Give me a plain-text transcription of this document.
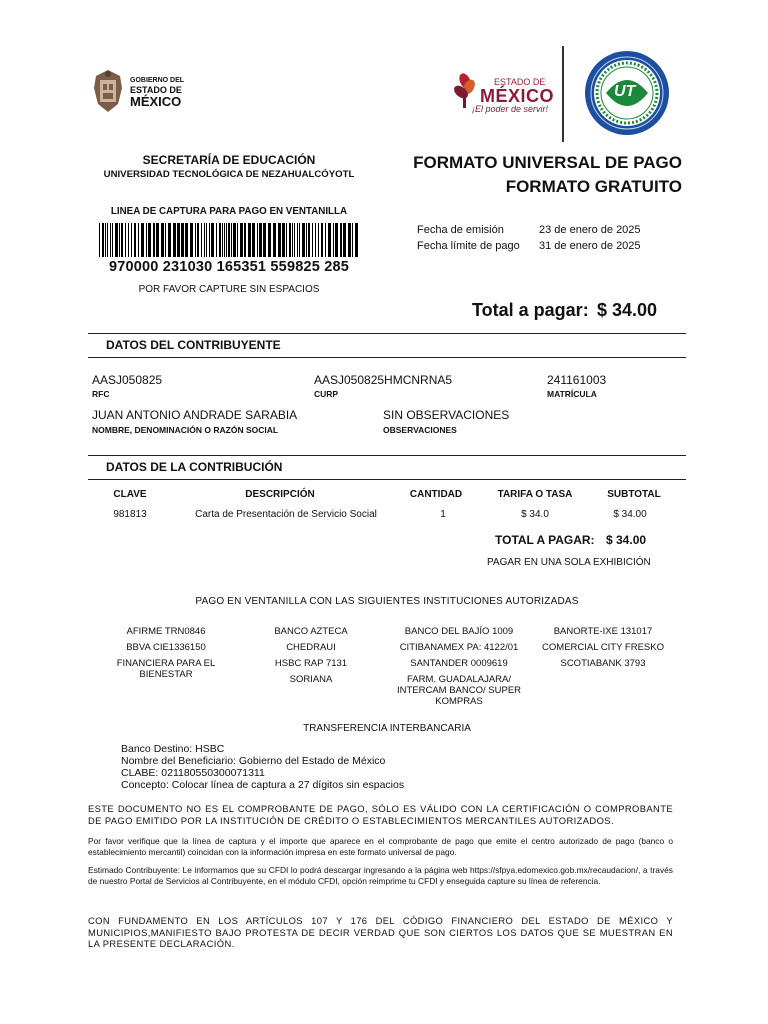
GOBIERNO DEL
ESTADO DE
MÉXICO
ESTADO DE
MÉXICO
¡El poder de servir!
UT
SECRETARÍA DE EDUCACIÓN
UNIVERSIDAD TECNOLÓGICA DE NEZAHUALCÓYOTL
FORMATO UNIVERSAL DE PAGO
FORMATO GRATUITO
LINEA DE CAPTURA PARA PAGO EN VENTANILLA
970000 231030 165351 559825 285
POR FAVOR CAPTURE SIN ESPACIOS
Fecha de emisión	23 de enero de 2025
Fecha límite de pago 31 de enero de 2025
Total a pagar: $ 34.00
DATOS DEL CONTRIBUYENTE
AASJ050825
RFC
AASJ050825HMCNRNA5
CURP
241161003
MATRÍCULA
JUAN ANTONIO ANDRADE SARABIA
NOMBRE, DENOMINACIÓN O RAZÓN SOCIAL
SIN OBSERVACIONES
OBSERVACIONES
DATOS DE LA CONTRIBUCIÓN
CLAVE	DESCRIPCIÓN	CANTIDAD	TARIFA O TASA	SUBTOTAL
981813	Carta de Presentación de Servicio Social	1	$ 34.0	$ 34.00
TOTAL A PAGAR: $ 34.00
PAGAR EN UNA SOLA EXHIBICIÓN
PAGO EN VENTANILLA CON LAS SIGUIENTES INSTITUCIONES AUTORIZADAS
AFIRME TRN0846
BBVA CIE1336150
FINANCIERA PARA EL BIENESTAR
BANCO AZTECA
CHEDRAUI
HSBC RAP 7131
SORIANA
BANCO DEL BAJÍO 1009
CITIBANAMEX PA: 4122/01
SANTANDER 0009619
FARM. GUADALAJARA/ INTERCAM BANCO/ SUPER KOMPRAS
BANORTE-IXE 131017
COMERCIAL CITY FRESKO
SCOTIABANK 3793
TRANSFERENCIA INTERBANCARIA
Banco Destino: HSBC
Nombre del Beneficiario: Gobierno del Estado de México
CLABE: 021180550300071311
Concepto: Colocar línea de captura a 27 dígitos sin espacios
ESTE DOCUMENTO NO ES EL COMPROBANTE DE PAGO, SÓLO ES VÁLIDO CON LA CERTIFICACIÓN O COMPROBANTE DE PAGO EMITIDO POR LA INSTITUCIÓN DE CRÉDITO O ESTABLECIMIENTOS MERCANTILES AUTORIZADOS.
Por favor verifique que la línea de captura y el importe que aparece en el comprobante de pago que emite el centro autorizado de pago (banco o establecimiento mercantil) coincidan con la información impresa en este formato universal de pago.
Estimado Contribuyente: Le informamos que su CFDI lo podrá descargar ingresando a la página web https://sfpya.edomexico.gob.mx/recaudacion/, a través de nuestro Portal de Servicios al Contribuyente, en el módulo CFDI, opción reimprime tu CFDI y enseguida capture su línea de referencia.
CON FUNDAMENTO EN LOS ARTÍCULOS 107 Y 176 DEL CÓDIGO FINANCIERO DEL ESTADO DE MÉXICO Y MUNICIPIOS,MANIFIESTO BAJO PROTESTA DE DECIR VERDAD QUE SON CIERTOS LOS DATOS QUE SE MUESTRAN EN LA PRESENTE DECLARACIÓN.
